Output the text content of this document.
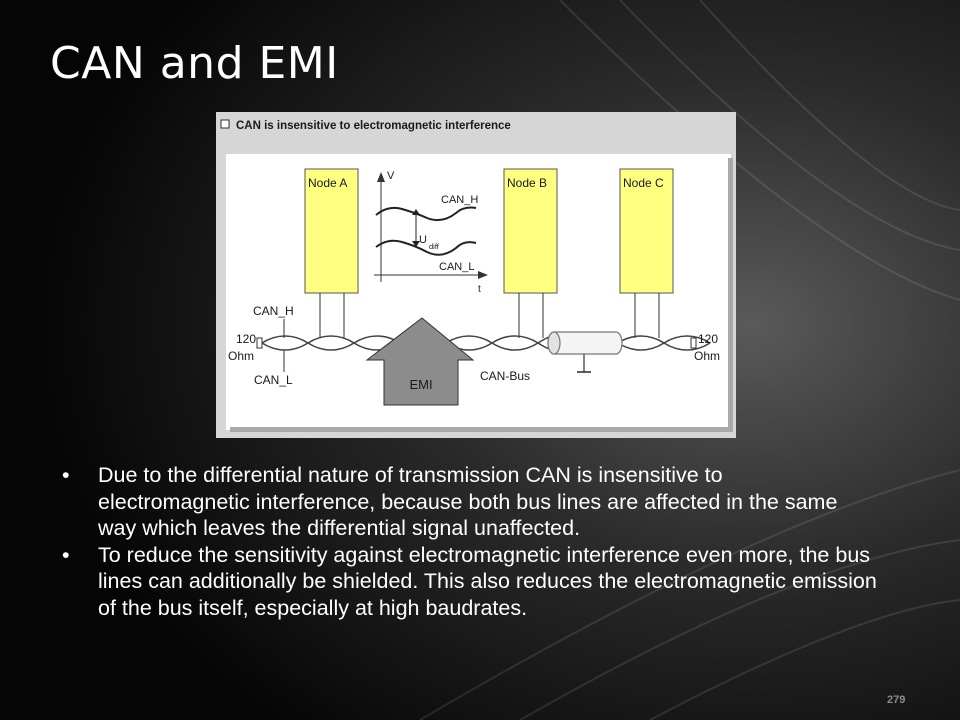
CAN and EMI
CAN is insensitive to electromagnetic interference
Node A	Node B	Node C
V
t
CAN_H
CAN_L
U
diff
120
Ohm
120
Ohm
CAN_H
CAN_L	EMI
CAN-Bus
• Due to the differential nature of transmission CAN is insensitive to electromagnetic interference, because both bus lines are affected in the same way which leaves the differential signal unaffected.
• To reduce the sensitivity against electromagnetic interference even more, the bus lines can additionally be shielded. This also reduces the electromagnetic emission of the bus itself, especially at high baudrates.
279
